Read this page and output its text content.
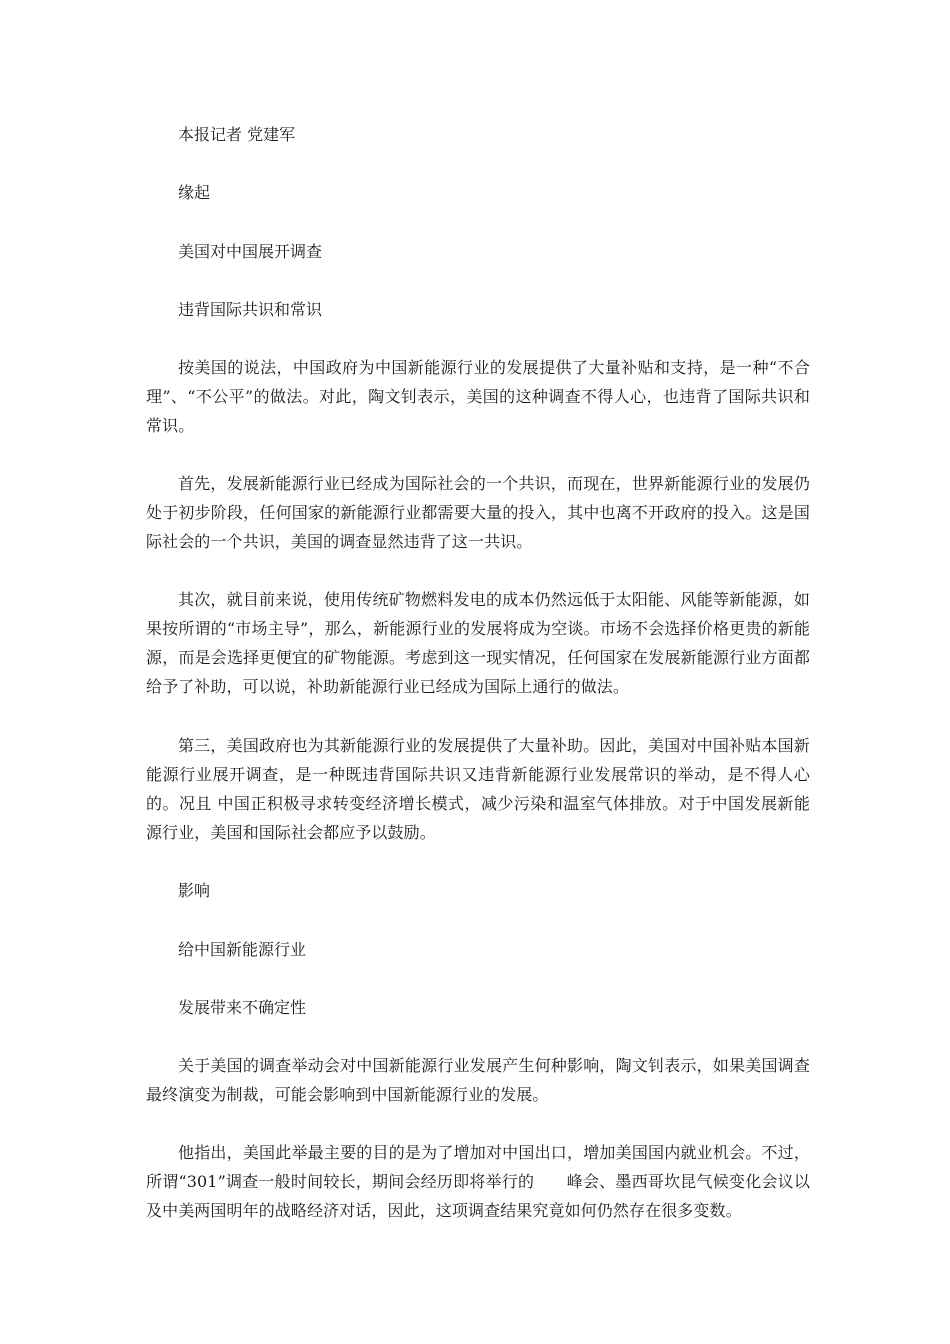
本报记者 党建军
缘起
美国对中国展开调查
违背国际共识和常识

按美国的说法，中国政府为中国新能源行业的发展提供了大量补贴和支持，是一种“不合理”、“不公平”的做法。对此，陶文钊表示，美国的这种调查不得人心，也违背了国际共识和常识。

首先，发展新能源行业已经成为国际社会的一个共识，而现在，世界新能源行业的发展仍处于初步阶段，任何国家的新能源行业都需要大量的投入，其中也离不开政府的投入。这是国际社会的一个共识，美国的调查显然违背了这一共识。

其次，就目前来说，使用传统矿物燃料发电的成本仍然远低于太阳能、风能等新能源，如果按所谓的“市场主导”，那么，新能源行业的发展将成为空谈。市场不会选择价格更贵的新能源，而是会选择更便宜的矿物能源。考虑到这一现实情况，任何国家在发展新能源行业方面都给予了补助，可以说，补助新能源行业已经成为国际上通行的做法。

第三，美国政府也为其新能源行业的发展提供了大量补助。因此，美国对中国补贴本国新能源行业展开调查，是一种既违背国际共识又违背新能源行业发展常识的举动，是不得人心的。况且 中国正积极寻求转变经济增长模式，减少污染和温室气体排放。对于中国发展新能源行业，美国和国际社会都应予以鼓励。

影响
给中国新能源行业
发展带来不确定性

关于美国的调查举动会对中国新能源行业发展产生何种影响，陶文钊表示，如果美国调查最终演变为制裁，可能会影响到中国新能源行业的发展。

他指出，美国此举最主要的目的是为了增加对中国出口，增加美国国内就业机会。不过，所谓“301”调查一般时间较长，期间会经历即将举行的　　峰会、墨西哥坎昆气候变化会议以及中美两国明年的战略经济对话，因此，这项调查结果究竟如何仍然存在很多变数。
